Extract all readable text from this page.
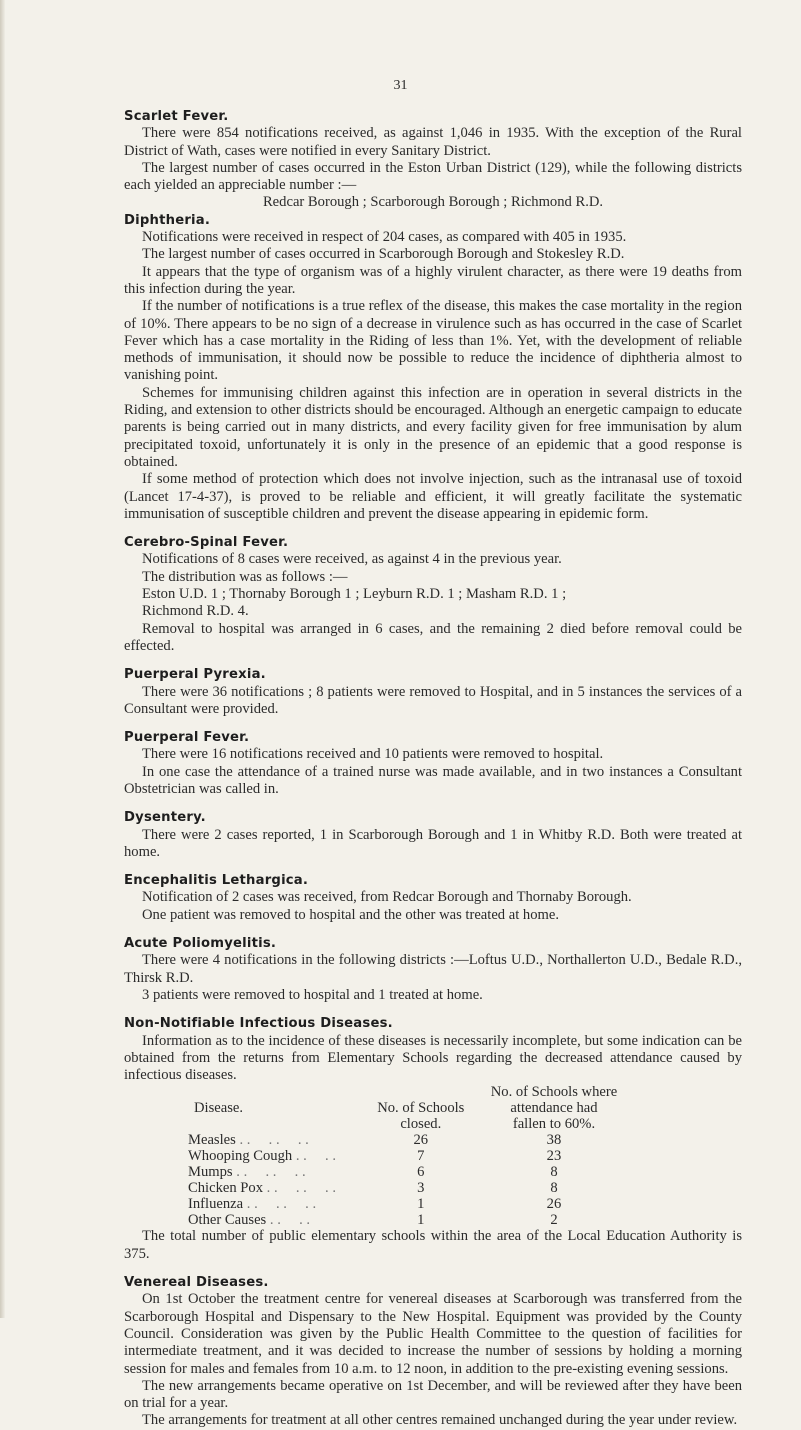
31
Scarlet Fever.

There were 854 notifications received, as against 1,046 in 1935. With the exception of the Rural District of Wath, cases were notified in every Sanitary District.

The largest number of cases occurred in the Eston Urban District (129), while the following districts each yielded an appreciable number :—

Redcar Borough ; Scarborough Borough ; Richmond R.D.

Diphtheria.

Notifications were received in respect of 204 cases, as compared with 405 in 1935.

The largest number of cases occurred in Scarborough Borough and Stokesley R.D.

It appears that the type of organism was of a highly virulent character, as there were 19 deaths from this infection during the year.

If the number of notifications is a true reflex of the disease, this makes the case mortality in the region of 10%. There appears to be no sign of a decrease in virulence such as has occurred in the case of Scarlet Fever which has a case mortality in the Riding of less than 1%. Yet, with the development of reliable methods of immunisation, it should now be possible to reduce the incidence of diphtheria almost to vanishing point.

Schemes for immunising children against this infection are in operation in several districts in the Riding, and extension to other districts should be encouraged. Although an energetic campaign to educate parents is being carried out in many districts, and every facility given for free immunisation by alum precipitated toxoid, unfortunately it is only in the presence of an epidemic that a good response is obtained.

If some method of protection which does not involve injection, such as the intranasal use of toxoid (Lancet 17-4-37), is proved to be reliable and efficient, it will greatly facilitate the systematic immunisation of susceptible children and prevent the disease appearing in epidemic form.

Cerebro-Spinal Fever.

Notifications of 8 cases were received, as against 4 in the previous year.

The distribution was as follows :—

Eston U.D. 1 ; Thornaby Borough 1 ; Leyburn R.D. 1 ; Masham R.D. 1 ;

Richmond R.D. 4.

Removal to hospital was arranged in 6 cases, and the remaining 2 died before removal could be effected.

Puerperal Pyrexia.

There were 36 notifications ; 8 patients were removed to Hospital, and in 5 instances the services of a Consultant were provided.

Puerperal Fever.

There were 16 notifications received and 10 patients were removed to hospital.

In one case the attendance of a trained nurse was made available, and in two instances a Consultant Obstetrician was called in.

Dysentery.

There were 2 cases reported, 1 in Scarborough Borough and 1 in Whitby R.D. Both were treated at home.

Encephalitis Lethargica.

Notification of 2 cases was received, from Redcar Borough and Thornaby Borough.

One patient was removed to hospital and the other was treated at home.

Acute Poliomyelitis.

There were 4 notifications in the following districts :—Loftus U.D., Northallerton U.D., Bedale R.D., Thirsk R.D.

3 patients were removed to hospital and 1 treated at home.

Non-Notifiable Infectious Diseases.

Information as to the incidence of these diseases is necessarily incomplete, but some indication can be obtained from the returns from Elementary Schools regarding the decreased attendance caused by infectious diseases.

		No. of Schools where
Disease.	No. of Schools	attendance had
	closed.	fallen to 60%.
Measles . .     . .     . .	26	38
Whooping Cough . .     . .	7	23
Mumps . .     . .     . .	6	8
Chicken Pox . .     . .     . .	3	8
Influenza . .     . .     . .	1	26
Other Causes . .     . .	1	2

The total number of public elementary schools within the area of the Local Education Authority is 375.

Venereal Diseases.

On 1st October the treatment centre for venereal diseases at Scarborough was transferred from the Scarborough Hospital and Dispensary to the New Hospital. Equipment was provided by the County Council. Consideration was given by the Public Health Committee to the question of facilities for intermediate treatment, and it was decided to increase the number of sessions by holding a morning session for males and females from 10 a.m. to 12 noon, in addition to the pre-existing evening sessions.

The new arrangements became operative on 1st December, and will be reviewed after they have been on trial for a year.

The arrangements for treatment at all other centres remained unchanged during the year under review.
